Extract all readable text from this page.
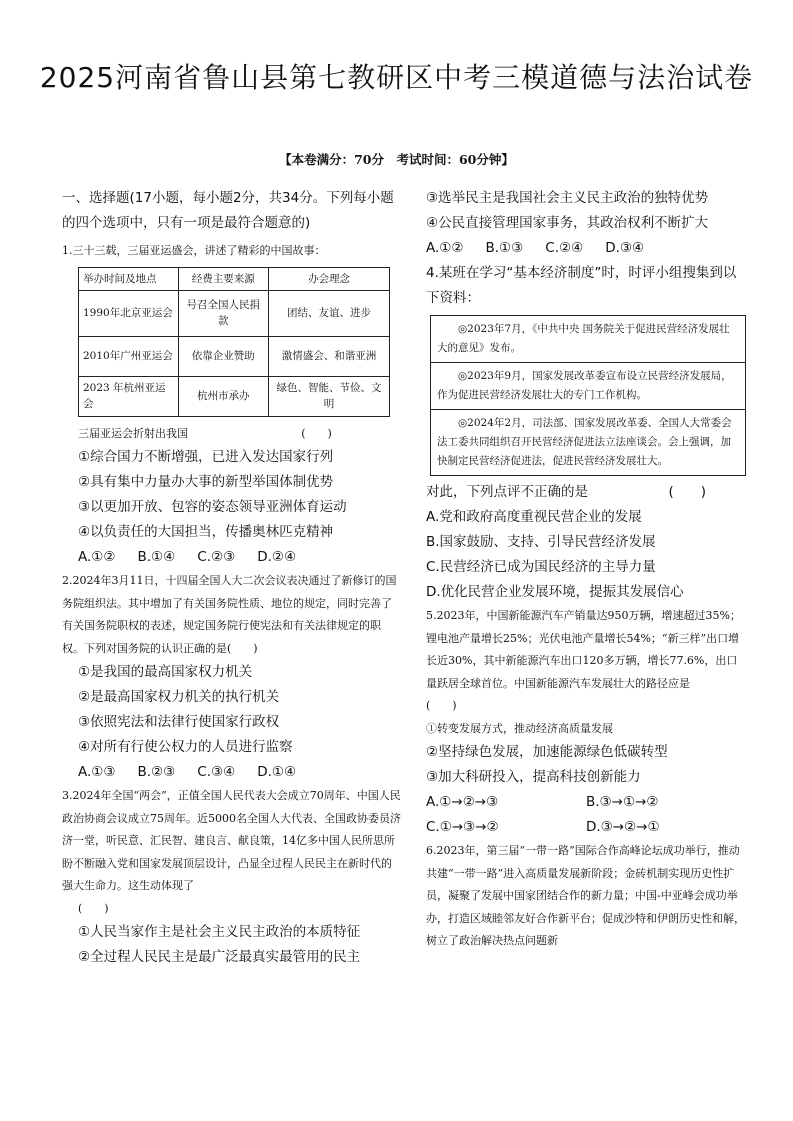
2025河南省鲁山县第七教研区中考三模道德与法治试卷
【本卷满分：70分　考试时间：60分钟】

一、选择题(17小题，每小题2分，共34分。下列每小题的四个选项中，只有一项是最符合题意的)

1.三十三载，三届亚运盛会，讲述了精彩的中国故事：

举办时间及地点	经费主要来源	办会理念
1990年北京亚运会	号召全国人民捐款	团结、友谊、进步
2010年广州亚运会	依靠企业赞助	激情盛会、和谐亚洲
2023 年杭州亚运会	杭州市承办	绿色、智能、节俭、文明

三届亚运会折射出我国	(　　)

①综合国力不断增强，已进入发达国家行列
②具有集中力量办大事的新型举国体制优势
③以更加开放、包容的姿态领导亚洲体育运动
④以负责任的大国担当，传播奥林匹克精神
A.①② B.①④ C.②③ D.②④

2.2024年3月11日，十四届全国人大二次会议表决通过了新修订的国务院组织法。其中增加了有关国务院性质、地位的规定，同时完善了有关国务院职权的表述，规定国务院行使宪法和有关法律规定的职权。下列对国务院的认识正确的是(　　)

①是我国的最高国家权力机关
②是最高国家权力机关的执行机关
③依照宪法和法律行使国家行政权
④对所有行使公权力的人员进行监察
A.①③ B.②③ C.③④ D.①④

3.2024年全国“两会”，正值全国人民代表大会成立70周年、中国人民政治协商会议成立75周年。近5000名全国人大代表、全国政协委员济济一堂，听民意、汇民智、建良言、献良策，14亿多中国人民所思所盼不断融入党和国家发展顶层设计，凸显全过程人民民主在新时代的强大生命力。这生动体现了

(　　)

①人民当家作主是社会主义民主政治的本质特征
②全过程人民民主是最广泛最真实最管用的民主
③选举民主是我国社会主义民主政治的独特优势
④公民直接管理国家事务，其政治权利不断扩大
A.①② B.①③ C.②④ D.③④

4.某班在学习“基本经济制度”时，时评小组搜集到以下资料：

◎2023年7月，《中共中央 国务院关于促进民营经济发展壮大的意见》发布。
◎2023年9月，国家发展改革委宣布设立民营经济发展局，作为促进民营经济发展壮大的专门工作机构。
◎2024年2月，司法部、国家发展改革委、全国人大常委会法工委共同组织召开民营经济促进法立法座谈会。会上强调，加快制定民营经济促进法，促进民营经济发展壮大。

对此，下列点评不正确的是	(　　)

A.党和政府高度重视民营企业的发展
B.国家鼓励、支持、引导民营经济发展
C.民营经济已成为国民经济的主导力量
D.优化民营企业发展环境，提振其发展信心

5.2023年，中国新能源汽车产销量达950万辆，增速超过35%；锂电池产量增长25%；光伏电池产量增长54%；“新三样”出口增长近30%，其中新能源汽车出口120多万辆，增长77.6%，出口量跃居全球首位。中国新能源汽车发展壮大的路径应是

(　　)

①转变发展方式，推动经济高质量发展
②坚持绿色发展，加速能源绿色低碳转型
③加大科研投入，提高科技创新能力
A.①→②→③	B.③→①→②
C.①→③→②	D.③→②→①

6.2023年，第三届“一带一路”国际合作高峰论坛成功举行，推动共建“一带一路”进入高质量发展新阶段；金砖机制实现历史性扩员，凝聚了发展中国家团结合作的新力量；中国-中亚峰会成功举办，打造区域睦邻友好合作新平台；促成沙特和伊朗历史性和解，树立了政治解决热点问题新
